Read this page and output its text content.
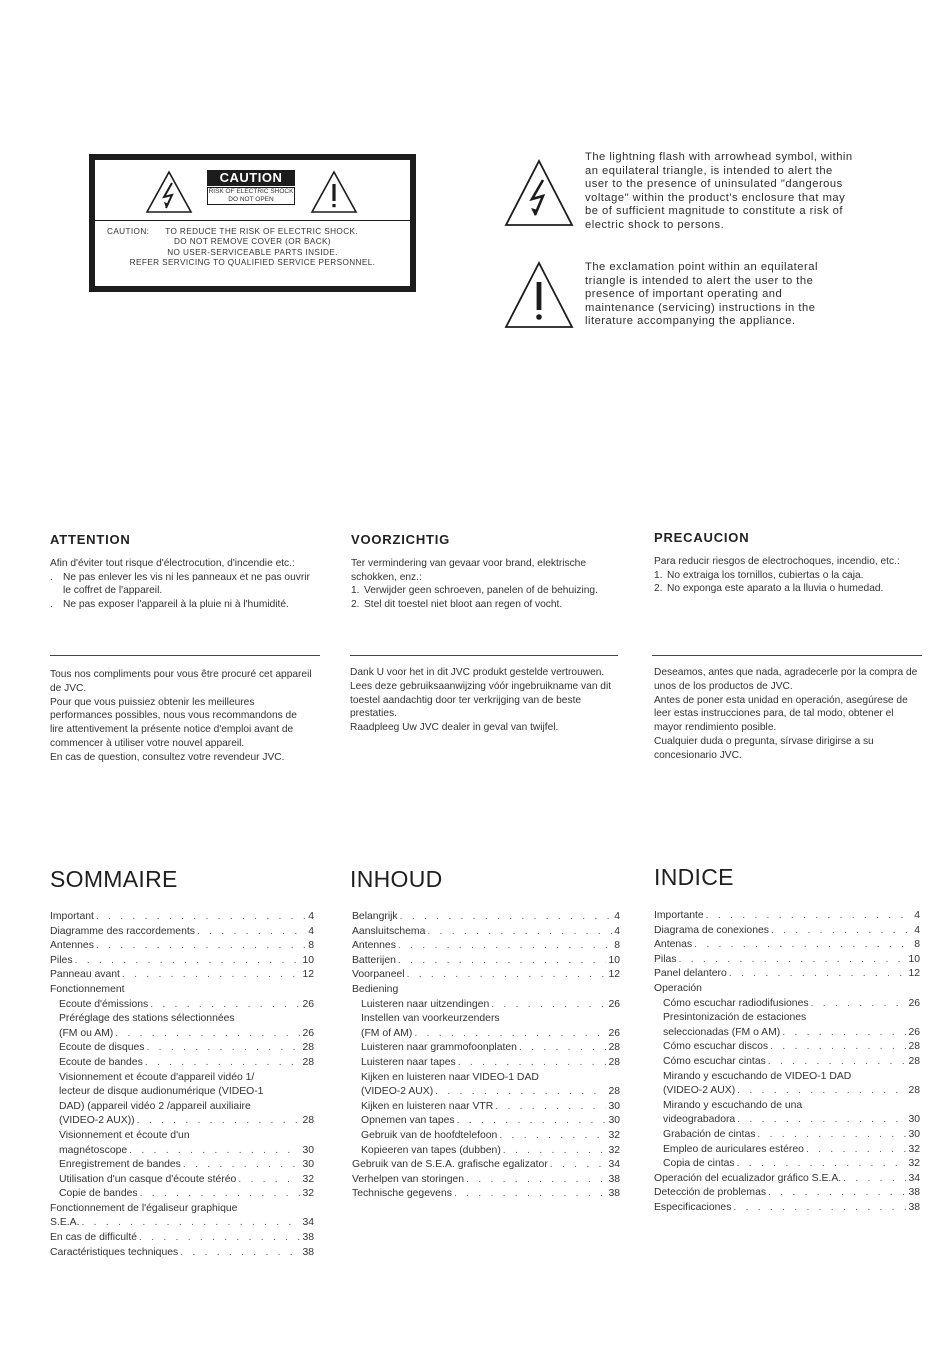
CAUTION
RISK OF ELECTRIC SHOCK
DO NOT OPEN
CAUTION:      TO REDUCE THE RISK OF ELECTRIC SHOCK.
DO NOT REMOVE COVER (OR BACK)
NO USER-SERVICEABLE PARTS INSIDE.
REFER SERVICING TO QUALIFIED SERVICE PERSONNEL.
The lightning flash with arrowhead symbol, within an equilateral triangle, is intended to alert the user to the presence of uninsulated "dangerous voltage" within the product's enclosure that may be of sufficient magnitude to constitute a risk of electric shock to persons.
The exclamation point within an equilateral triangle is intended to alert the user to the presence of important operating and maintenance (servicing) instructions in the literature accompanying the appliance.
ATTENTION

Afin d'éviter tout risque d'électrocution, d'incendie etc.:

. Ne pas enlever les vis ni les panneaux et ne pas ouvrir le coffret de l'appareil.
. Ne pas exposer l'appareil à la pluie ni à l'humidité.
VOORZICHTIG

Ter vermindering van gevaar voor brand, elektrische schokken, enz.:

1. Verwijder geen schroeven, panelen of de behuizing.
2. Stel dit toestel niet bloot aan regen of vocht.
PRECAUCION

Para reducir riesgos de electrochoques, incendio, etc.:

1. No extraiga los tornillos, cubiertas o la caja.
2. No exponga este aparato a la lluvia o humedad.

Tous nos compliments pour vous être procuré cet appareil de JVC.

Pour que vous puissiez obtenir les meilleures performances possibles, nous vous recommandons de lire attentivement la présente notice d'emploi avant de commencer à utiliser votre nouvel appareil.

En cas de question, consultez votre revendeur JVC.

Dank U voor het in dit JVC produkt gestelde vertrouwen.

Lees deze gebruiksaanwijzing vóór ingebruikname van dit toestel aandachtig door ter verkrijging van de beste prestaties.

Raadpleeg Uw JVC dealer in geval van twijfel.

Deseamos, antes que nada, agradecerle por la compra de unos de los productos de JVC.

Antes de poner esta unidad en operación, asegúrese de leer estas instrucciones para, de tal modo, obtener el mayor rendimiento posible.

Cualquier duda o pregunta, sírvase dirigirse a su concesionario JVC.

SOMMAIRE	INHOUD	INDICE
Important . . .	4
Diagramme des raccordements . . .	4
Antennes . . .	8
Piles . . .	10
Panneau avant . . .	12
Fonctionnement
Ecoute d'émissions . . .	26
Préréglage des stations sélectionnées
(FM ou AM) . . .	26
Ecoute de disques . . .	28
Ecoute de bandes . . .	28
Visionnement et écoute d'appareil vidéo 1/
lecteur de disque audionumérique (VIDEO-1
DAD) (appareil vidéo 2 /appareil auxiliaire
(VIDEO-2 AUX)) . . .	28
Visionnement et écoute d'un
magnétoscope . . .	30
Enregistrement de bandes . . .	30
Utilisation d'un casque d'écoute stéréo . . .	32
Copie de bandes . . .	32
Fonctionnement de l'égaliseur graphique
S.E.A. . . .	34
En cas de difficulté . . .	38
Caractéristiques techniques . . .	38
Belangrijk . . .	4
Aansluitschema . . .	4
Antennes . . .	8
Batterijen . . .	10
Voorpaneel . . .	12
Bediening
Luisteren naar uitzendingen . . .	26
Instellen van voorkeurzenders
(FM of AM) . . .	26
Luisteren naar grammofoonplaten . . .	28
Luisteren naar tapes . . .	28
Kijken en luisteren naar VIDEO-1 DAD
(VIDEO-2 AUX) . . .	28
Kijken en luisteren naar VTR . . .	30
Opnemen van tapes . . .	30
Gebruik van de hoofdtelefoon . . .	32
Kopieeren van tapes (dubben) . . .	32
Gebruik van de S.E.A. grafische egalizator . . .	34
Verhelpen van storingen . . .	38
Technische gegevens . . .	38
Importante . . .	4
Diagrama de conexiones . . .	4
Antenas . . .	8
Pilas . . .	10
Panel delantero . . .	12
Operación
Cómo escuchar radiodifusiones . . .	26
Presintonización de estaciones
seleccionadas (FM o AM) . . .	26
Cómo escuchar discos . . .	28
Cómo escuchar cintas . . .	28
Mirando y escuchando de VIDEO-1 DAD
(VIDEO-2 AUX) . . .	28
Mirando y escuchando de una
videograbadora . . .	30
Grabación de cintas . . .	30
Empleo de auriculares estéreo . . .	32
Copia de cintas . . .	32
Operación del ecualizador gráfico S.E.A. . . .	34
Detección de problemas . . .	38
Especificaciones . . .	38
